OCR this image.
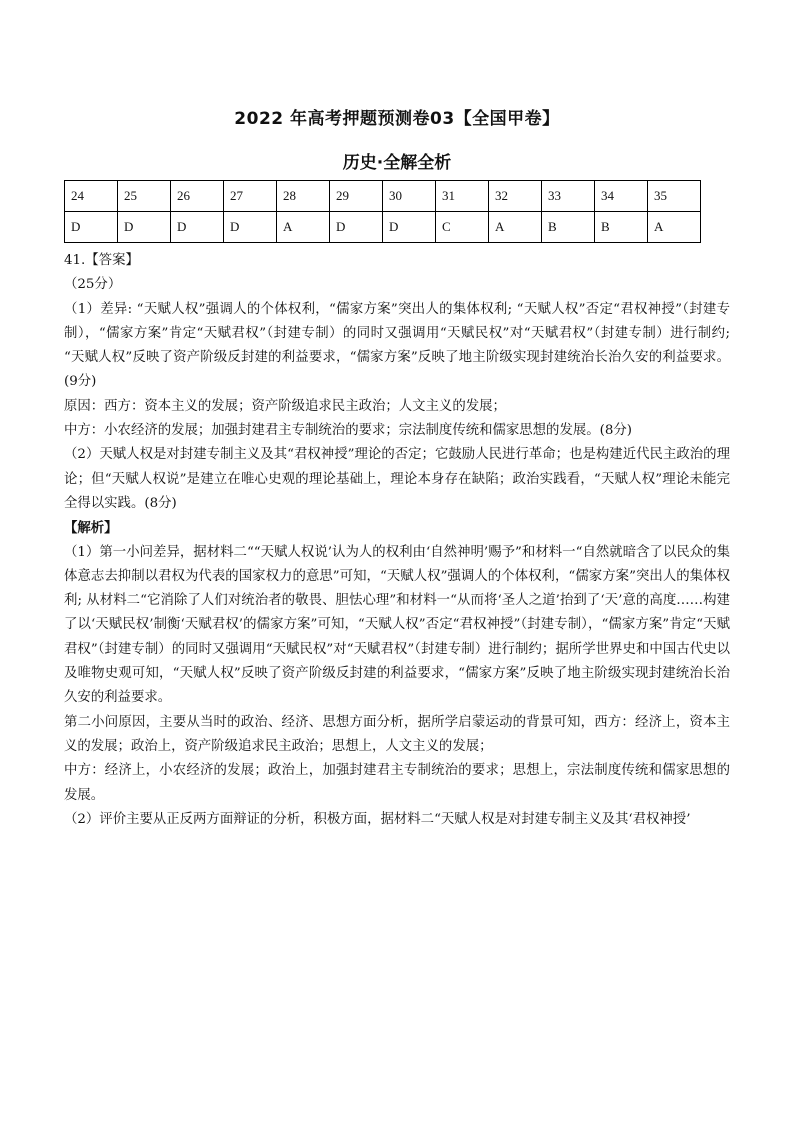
2022 年高考押题预测卷03【全国甲卷】
历史·全解全析
24	25	26	27	28	29	30	31	32	33	34	35
D	D	D	D	A	D	D	C	A	B	B	A

41.【答案】

（25分）

（1）差异: “天赋人权”强调人的个体权利，“儒家方案”突出人的集体权利; “天赋人权”否定“君权神授”（封建专制），“儒家方案”肯定“天赋君权”（封建专制）的同时又强调用“天赋民权”对“天赋君权”（封建专制）进行制约; “天赋人权”反映了资产阶级反封建的利益要求，“儒家方案”反映了地主阶级实现封建统治长治久安的利益要求。(9分)

原因：西方：资本主义的发展；资产阶级追求民主政治；人文主义的发展；

中方：小农经济的发展；加强封建君主专制统治的要求；宗法制度传统和儒家思想的发展。(8分)

（2）天赋人权是对封建专制主义及其“君权神授”理论的否定；它鼓励人民进行革命；也是构建近代民主政治的理论；但“天赋人权说”是建立在唯心史观的理论基础上，理论本身存在缺陷；政治实践看，“天赋人权”理论未能完全得以实践。(8分)

【解析】

（1）第一小问差异，据材料二““天赋人权说’认为人的权利由‘自然神明’赐予”和材料一“自然就暗含了以民众的集体意志去抑制以君权为代表的国家权力的意思”可知，“天赋人权”强调人的个体权利，“儒家方案”突出人的集体权利; 从材料二“它消除了人们对统治者的敬畏、胆怯心理”和材料一“从而将‘圣人之道’抬到了‘天’意的高度……构建了以‘天赋民权’制衡‘天赋君权’的儒家方案”可知，“天赋人权”否定“君权神授”（封建专制），“儒家方案”肯定“天赋君权”（封建专制）的同时又强调用“天赋民权”对“天赋君权”（封建专制）进行制约；据所学世界史和中国古代史以及唯物史观可知，“天赋人权”反映了资产阶级反封建的利益要求，“儒家方案”反映了地主阶级实现封建统治长治久安的利益要求。

第二小问原因，主要从当时的政治、经济、思想方面分析，据所学启蒙运动的背景可知，西方：经济上，资本主义的发展；政治上，资产阶级追求民主政治；思想上，人文主义的发展；

中方：经济上，小农经济的发展；政治上，加强封建君主专制统治的要求；思想上，宗法制度传统和儒家思想的发展。

（2）评价主要从正反两方面辩证的分析，积极方面，据材料二“天赋人权是对封建专制主义及其‘君权神授’
